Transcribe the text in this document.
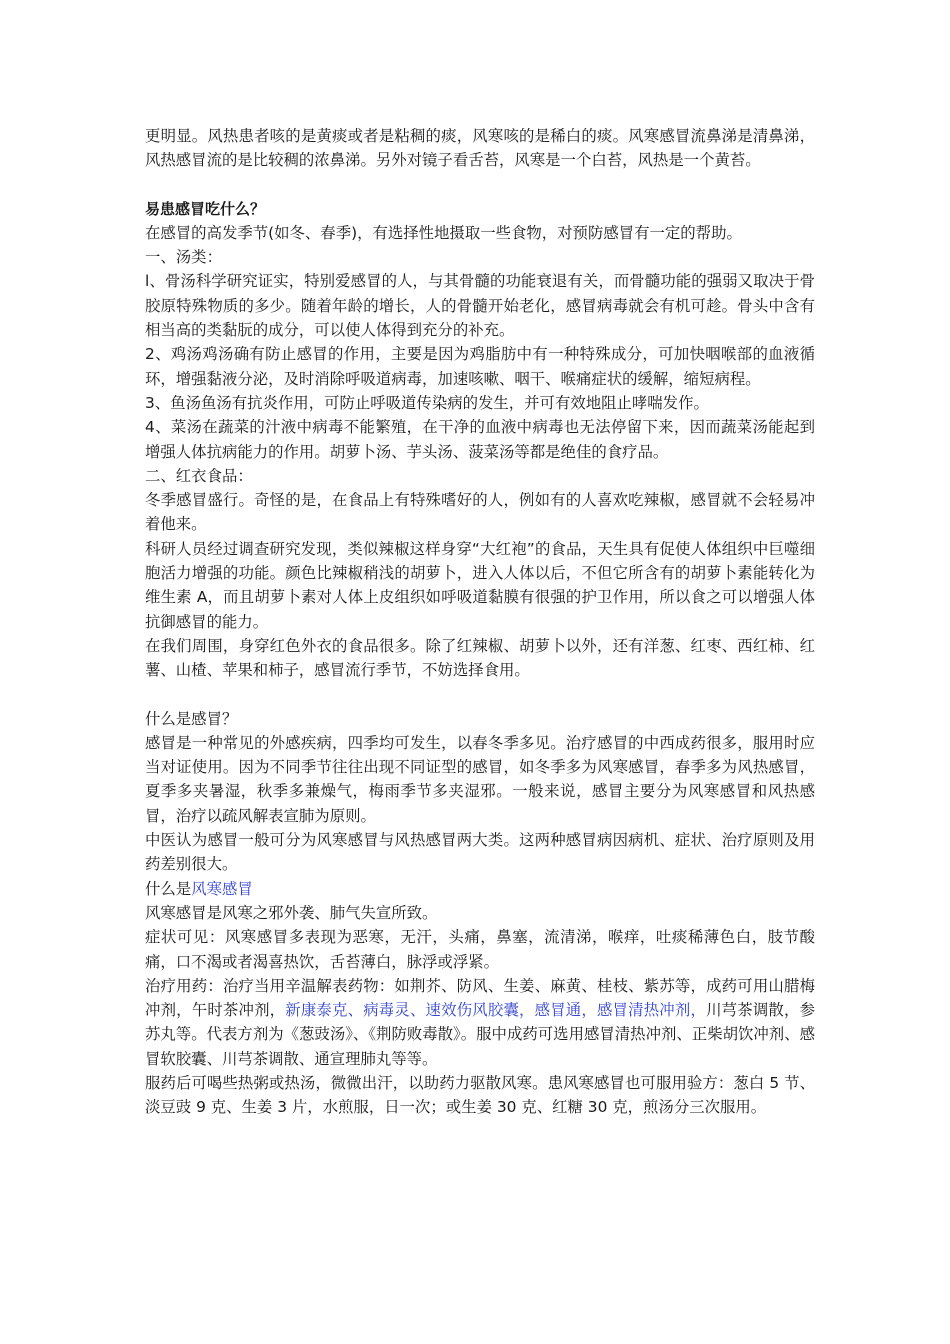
更明显。风热患者咳的是黄痰或者是粘稠的痰，风寒咳的是稀白的痰。风寒感冒流鼻涕是清鼻涕，风热感冒流的是比较稠的浓鼻涕。另外对镜子看舌苔，风寒是一个白苔，风热是一个黄苔。

易患感冒吃什么？

在感冒的高发季节(如冬、春季)，有选择性地摄取一些食物，对预防感冒有一定的帮助。

一、汤类：

l、骨汤科学研究证实，特别爱感冒的人，与其骨髓的功能衰退有关，而骨髓功能的强弱又取决于骨胶原特殊物质的多少。随着年龄的增长，人的骨髓开始老化，感冒病毒就会有机可趁。骨头中含有相当高的类黏朊的成分，可以使人体得到充分的补充。

2、鸡汤鸡汤确有防止感冒的作用，主要是因为鸡脂肪中有一种特殊成分，可加快咽喉部的血液循环，增强黏液分泌，及时消除呼吸道病毒，加速咳嗽、咽干、喉痛症状的缓解，缩短病程。

3、鱼汤鱼汤有抗炎作用，可防止呼吸道传染病的发生，并可有效地阻止哮喘发作。

4、菜汤在蔬菜的汁液中病毒不能繁殖，在干净的血液中病毒也无法停留下来，因而蔬菜汤能起到增强人体抗病能力的作用。胡萝卜汤、芋头汤、菠菜汤等都是绝佳的食疗品。

二、红衣食品：

冬季感冒盛行。奇怪的是，在食品上有特殊嗜好的人，例如有的人喜欢吃辣椒，感冒就不会轻易冲着他来。

科研人员经过调查研究发现，类似辣椒这样身穿“大红袍”的食品，天生具有促使人体组织中巨噬细胞活力增强的功能。颜色比辣椒稍浅的胡萝卜，进入人体以后，不但它所含有的胡萝卜素能转化为维生素 A，而且胡萝卜素对人体上皮组织如呼吸道黏膜有很强的护卫作用，所以食之可以增强人体抗御感冒的能力。

在我们周围，身穿红色外衣的食品很多。除了红辣椒、胡萝卜以外，还有洋葱、红枣、西红柿、红薯、山楂、苹果和柿子，感冒流行季节，不妨选择食用。

什么是感冒？

感冒是一种常见的外感疾病，四季均可发生，以春冬季多见。治疗感冒的中西成药很多，服用时应当对证使用。因为不同季节往往出现不同证型的感冒，如冬季多为风寒感冒，春季多为风热感冒，夏季多夹暑湿，秋季多兼燥气，梅雨季节多夹湿邪。一般来说，感冒主要分为风寒感冒和风热感冒，治疗以疏风解表宣肺为原则。

中医认为感冒一般可分为风寒感冒与风热感冒两大类。这两种感冒病因病机、症状、治疗原则及用药差别很大。

什么是风寒感冒

风寒感冒是风寒之邪外袭、肺气失宣所致。

症状可见：风寒感冒多表现为恶寒，无汗，头痛，鼻塞，流清涕，喉痒，吐痰稀薄色白，肢节酸痛，口不渴或者渴喜热饮，舌苔薄白，脉浮或浮紧。

治疗用药：治疗当用辛温解表药物：如荆芥、防风、生姜、麻黄、桂枝、紫苏等，成药可用山腊梅冲剂，午时茶冲剂，新康泰克、病毒灵、速效伤风胶囊，感冒通，感冒清热冲剂，川芎茶调散，参苏丸等。代表方剂为《葱豉汤》、《荆防败毒散》。服中成药可选用感冒清热冲剂、正柴胡饮冲剂、感冒软胶囊、川芎茶调散、通宣理肺丸等等。

服药后可喝些热粥或热汤，微微出汗，以助药力驱散风寒。患风寒感冒也可服用验方：葱白 5 节、淡豆豉 9 克、生姜 3 片，水煎服，日一次；或生姜 30 克、红糖 30 克，煎汤分三次服用。
